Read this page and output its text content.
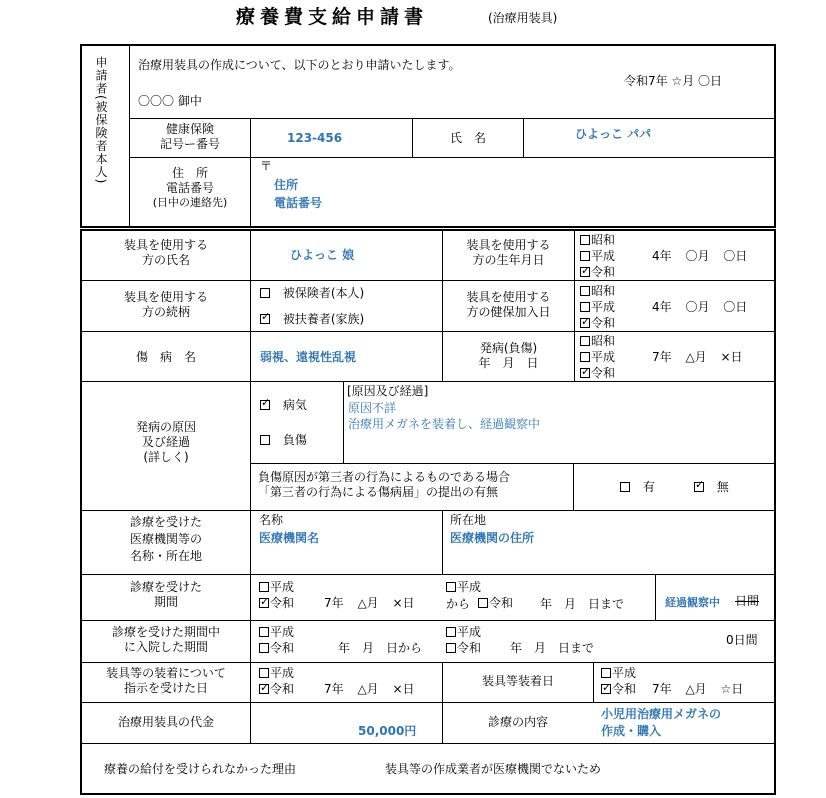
療養費支給申請書	(治療用装具)
申請者(被保険者本人)	治療用装具の作成について、以下のとおり申請いたします。
令和7年 ☆月 〇日
〇〇〇 御中
健康保険
記号ー番号	123-456	氏　名	ひよっこ パパ
住　所
電話番号
(日中の連絡先)
〒
住所
電話番号
装具を使用する
方の氏名	ひよっこ 娘
装具を使用する
方の生年月日
昭和
平成
✓令和
4年 〇月 〇日
装具を使用する
方の続柄
被保険者(本人)
✓ 被扶養者(家族)
装具を使用する
方の健保加入日
昭和
平成
✓令和
4年 〇月 〇日
傷　病　名	弱視、遠視性乱視
発病(負傷)
年　月　日
昭和
平成
✓令和
7年 △月 ×日
発病の原因
及び経過
(詳しく)
✓ 病気
負傷
[原因及び経過]
原因不詳
治療用メガネを装着し、経過観察中
負傷原因が第三者の行為によるものである場合
「第三者の行為による傷病届」の提出の有無	有
✓	無
診療を受けた
医療機関等の
名称・所在地
名称
医療機関名
所在地
医療機関の住所
診療を受けた
期間
平成
✓令和 7年 △月 ×日	から
平成
令和 年　月　日まで	経過観察中 日間
診療を受けた期間中
に入院した期間
平成
令和	年　月　日から
平成
令和 年　月　日まで
0日間
装具等の装着について
指示を受けた日
平成
✓令和 7年 △月 ×日
装具等装着日
平成
✓令和 7年 △月 ☆日
治療用装具の代金
50,000円
診療の内容
小児用治療用メガネの
作成・購入
療養の給付を受けられなかった理由	装具等の作成業者が医療機関でないため
